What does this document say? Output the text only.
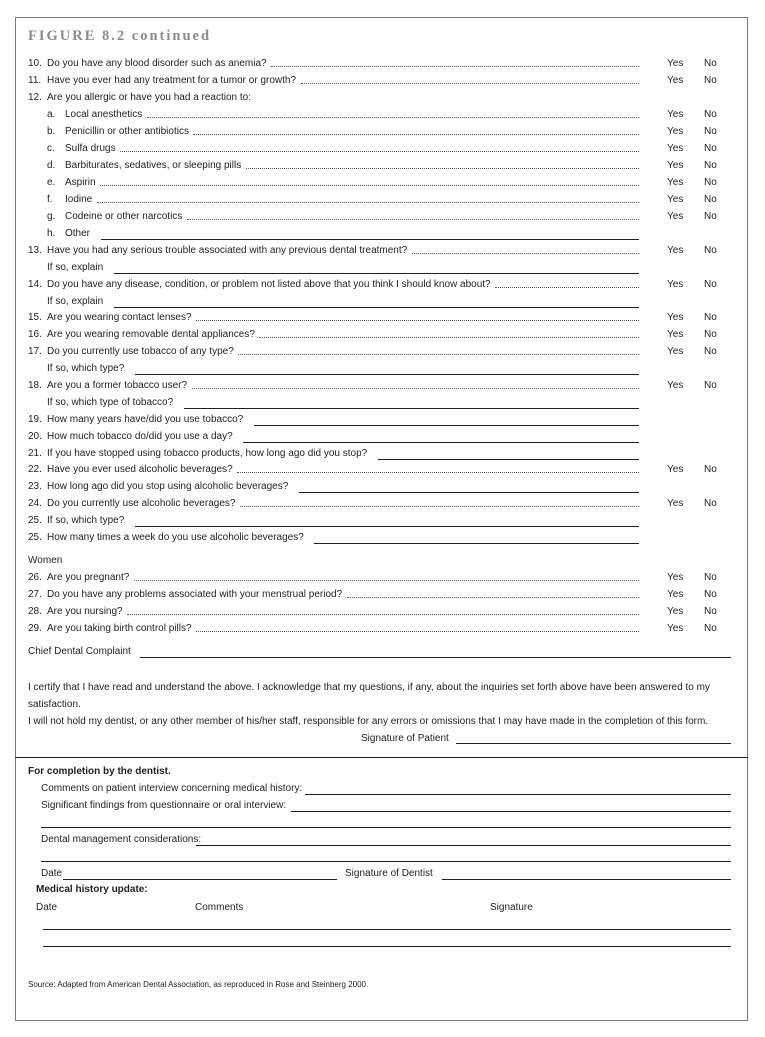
FIGURE 8.2 continued
10. Do you have any blood disorder such as anemia?	Yes No
11. Have you ever had any treatment for a tumor or growth?	Yes No
12. Are you allergic or have you had a reaction to:
a. Local anesthetics	Yes No
b. Penicillin or other antibiotics	Yes No
c. Sulfa drugs	Yes No
d. Barbiturates, sedatives, or sleeping pills	Yes No
e. Aspirin	Yes No
f. Iodine	Yes No
g. Codeine or other narcotics	Yes No
h. Other
13. Have you had any serious trouble associated with any previous dental treatment?	Yes No
If so, explain
14. Do you have any disease, condition, or problem not listed above that you think I should know about?	Yes No
If so, explain
15. Are you wearing contact lenses?	Yes No
16. Are you wearing removable dental appliances?	Yes No
17. Do you currently use tobacco of any type?	Yes No
If so, which type?
18. Are you a former tobacco user?	Yes No
If so, which type of tobacco?
19. How many years have/did you use tobacco?
20. How much tobacco do/did you use a day?
21. If you have stopped using tobacco products, how long ago did you stop?
22. Have you ever used alcoholic beverages?	Yes No
23. How long ago did you stop using alcoholic beverages?
24. Do you currently use alcoholic beverages?	Yes No
25. If so, which type?
25. How many times a week do you use alcoholic beverages?
Women
26. Are you pregnant?	Yes No
27. Do you have any problems associated with your menstrual period?	Yes No
28. Are you nursing?	Yes No
29. Are you taking birth control pills?	Yes No
Chief Dental Complaint
I certify that I have read and understand the above. I acknowledge that my questions, if any, about the inquiries set forth above have been answered to my satisfaction.
I will not hold my dentist, or any other member of his/her staff, responsible for any errors or omissions that I may have made in the completion of this form.
Signature of Patient
For completion by the dentist.
Comments on patient interview concerning medical history:
Significant findings from questionnaire or oral interview:
Dental management considerations:
Date	Signature of Dentist
Medical history update:
Date	Comments	Signature
Source: Adapted from American Dental Association, as reproduced in Rose and Steinberg 2000.
